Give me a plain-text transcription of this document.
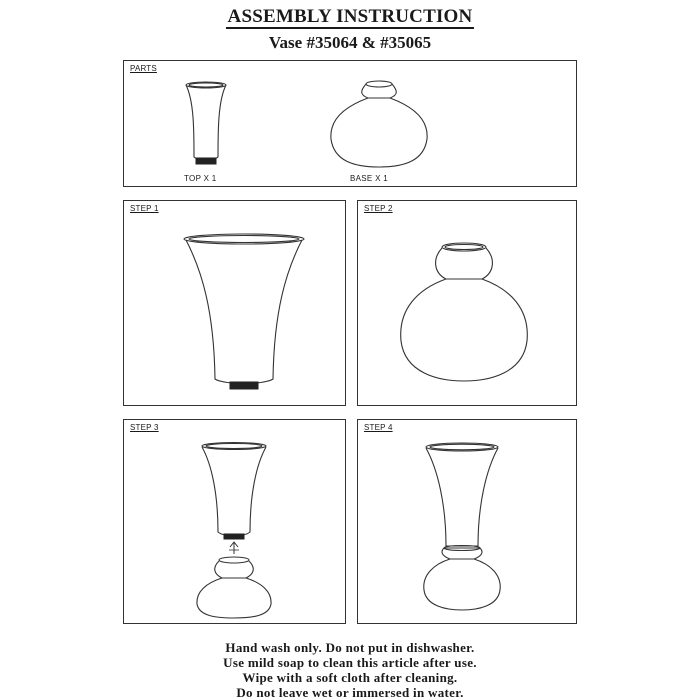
ASSEMBLY INSTRUCTION
Vase #35064 & #35065
PARTS
TOP X 1	BASE X 1
STEP 1	STEP 2
STEP 3	STEP 4
Hand wash only. Do not put in dishwasher.
Use mild soap to clean this article after use.
Wipe with a soft cloth after cleaning.
Do not leave wet or immersed in water.
